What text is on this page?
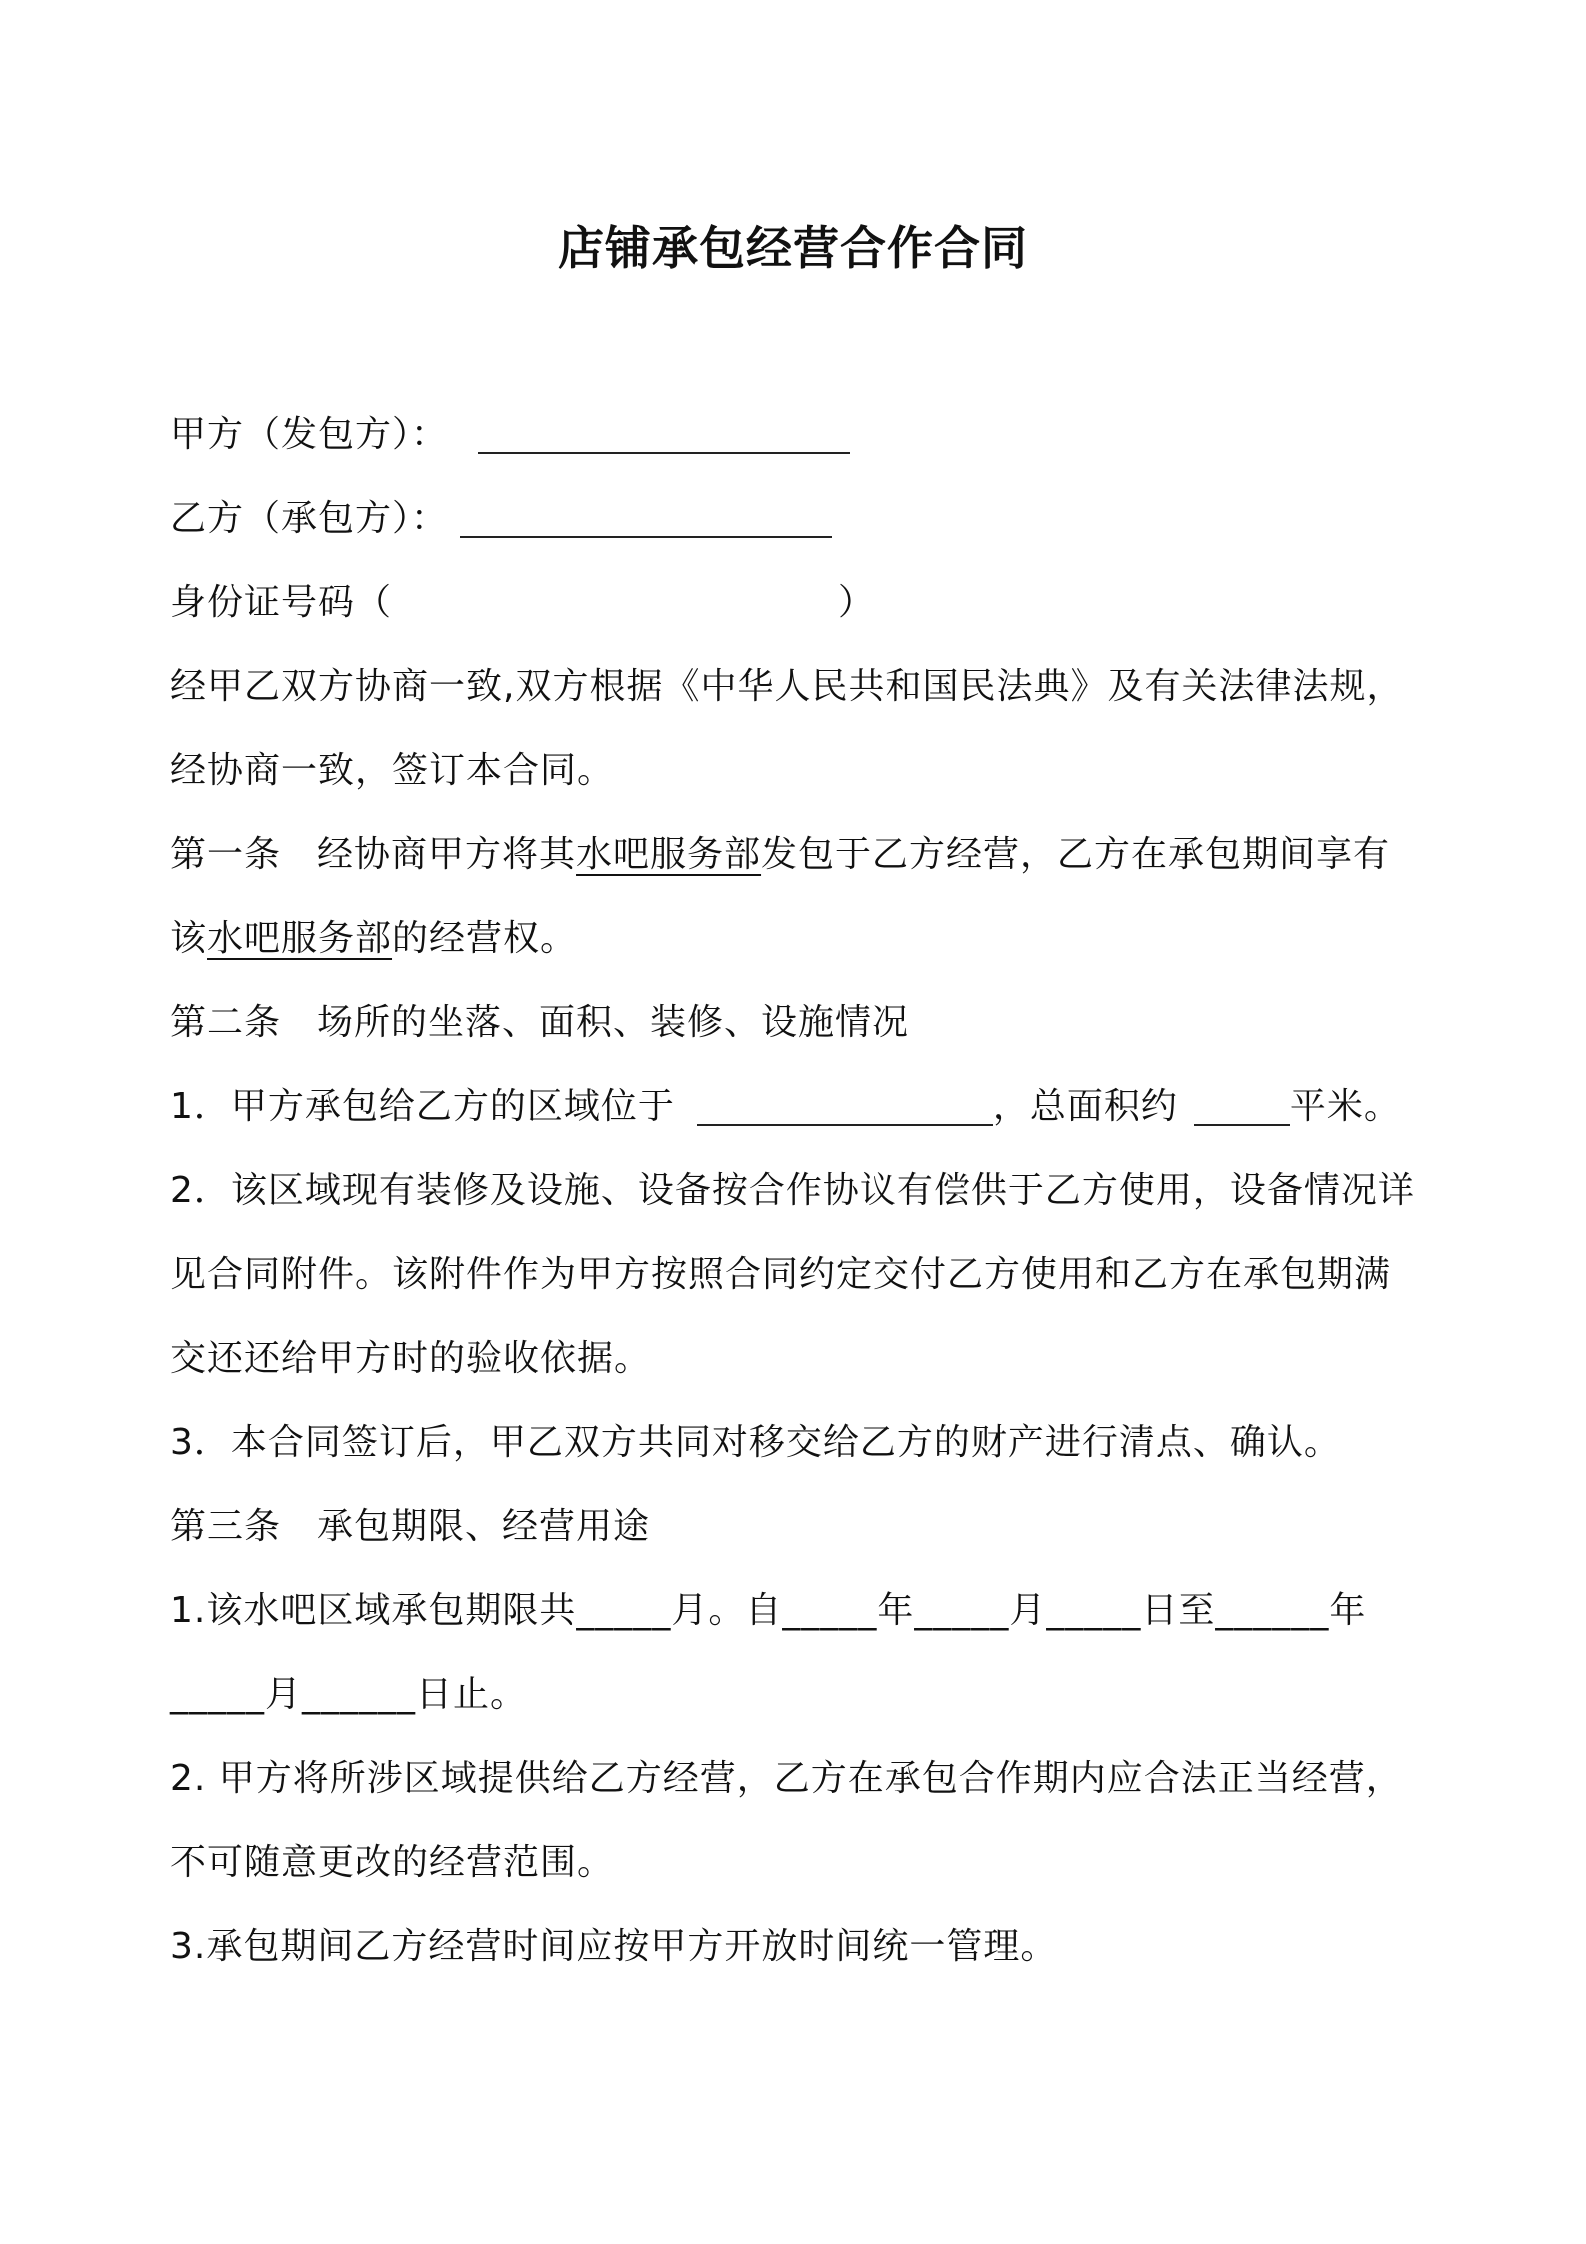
店铺承包经营合作合同
甲方（发包方）：
乙方（承包方）：
身份证号码（	）
经甲乙双方协商一致,双方根据《中华人民共和国民法典》及有关法律法规，
经协商一致，签订本合同。
第一条 经协商甲方将其水吧服务部发包于乙方经营，乙方在承包期间享有
该水吧服务部的经营权。
第二条 场所的坐落、面积、装修、设施情况
1．甲方承包给乙方的区域位于	，总面积约	平米。
2．该区域现有装修及设施、设备按合作协议有偿供于乙方使用，设备情况详
见合同附件。该附件作为甲方按照合同约定交付乙方使用和乙方在承包期满
交还还给甲方时的验收依据。
3．本合同签订后，甲乙双方共同对移交给乙方的财产进行清点、确认。
第三条 承包期限、经营用途
1.该水吧区域承包期限共_____月。自_____年_____月_____日至______年
_____月______日止。
2. 甲方将所涉区域提供给乙方经营，乙方在承包合作期内应合法正当经营，
不可随意更改的经营范围。
3.承包期间乙方经营时间应按甲方开放时间统一管理。
